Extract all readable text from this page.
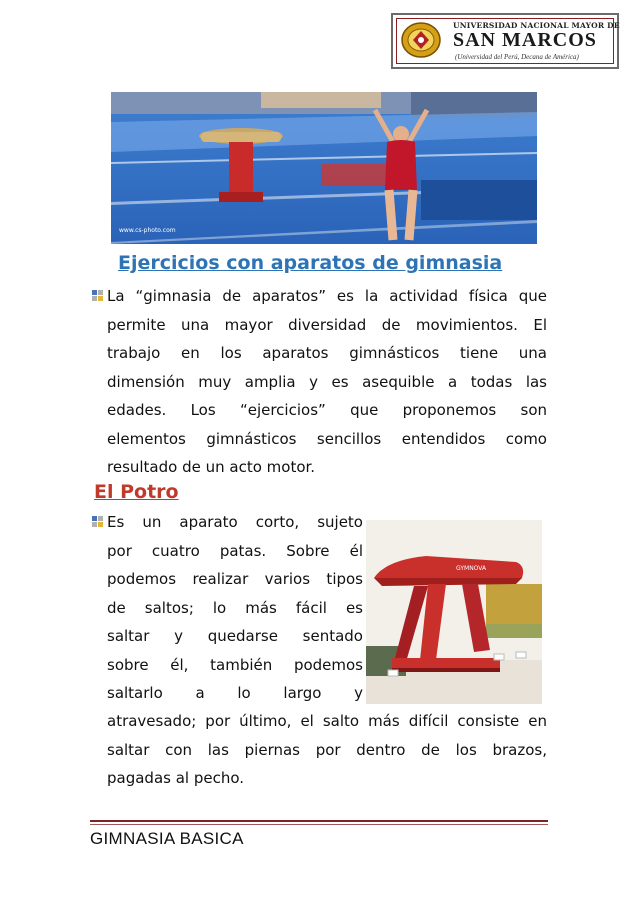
UNIVERSIDAD NACIONAL MAYOR DE
SAN MARCOS
(Universidad del Perú, Decana de América)
www.cs-photo.com
Ejercicios con aparatos de gimnasia
La “gimnasia de aparatos” es la actividad física que
permite una mayor diversidad de movimientos. El
trabajo en los aparatos gimnásticos tiene una
dimensión muy amplia y es asequible a todas las
edades. Los “ejercicios” que proponemos son
elementos gimnásticos sencillos entendidos como
resultado de un acto motor.
El Potro
Es un aparato corto, sujeto
por cuatro patas. Sobre él
podemos realizar varios tipos
de saltos; lo más fácil es
saltar y quedarse sentado
sobre él, también podemos
saltarlo a lo largo y
GYMNOVA
atravesado; por último, el salto más difícil consiste en
saltar con las piernas por dentro de los brazos,
pagadas al pecho.
GIMNASIA BASICA
